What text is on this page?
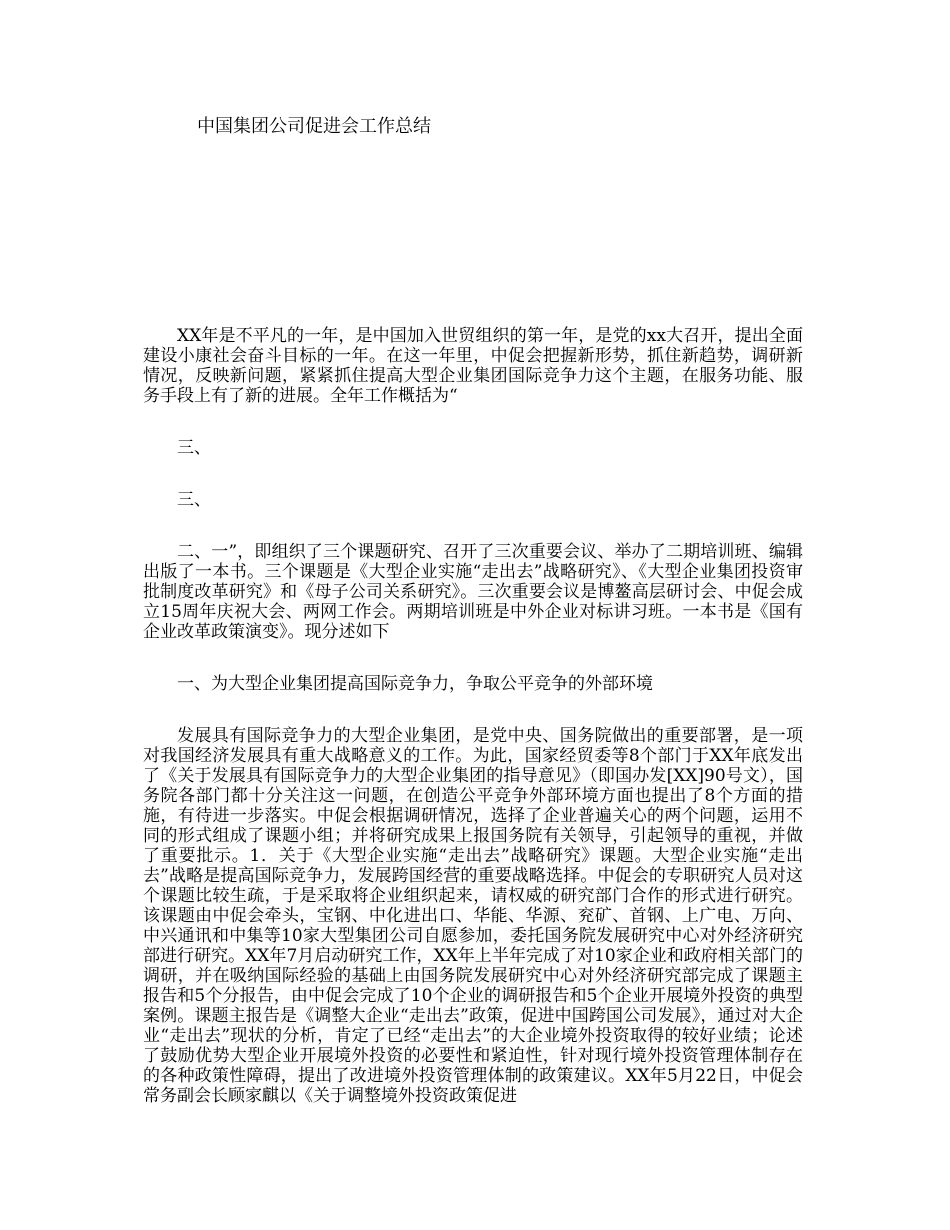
中国集团公司促进会工作总结

XX年是不平凡的一年，是中国加入世贸组织的第一年，是党的xx大召开，提出全面建设小康社会奋斗目标的一年。在这一年里，中促会把握新形势，抓住新趋势，调研新情况，反映新问题，紧紧抓住提高大型企业集团国际竞争力这个主题，在服务功能、服务手段上有了新的进展。全年工作概括为“

三、

三、

二、一”，即组织了三个课题研究、召开了三次重要会议、举办了二期培训班、编辑出版了一本书。三个课题是《大型企业实施“走出去”战略研究》、《大型企业集团投资审批制度改革研究》和《母子公司关系研究》。三次重要会议是博鳌高层研讨会、中促会成立15周年庆祝大会、两网工作会。两期培训班是中外企业对标讲习班。一本书是《国有企业改革政策演变》。现分述如下

一、为大型企业集团提高国际竞争力，争取公平竞争的外部环境

发展具有国际竞争力的大型企业集团，是党中央、国务院做出的重要部署，是一项对我国经济发展具有重大战略意义的工作。为此，国家经贸委等8个部门于XX年底发出了《关于发展具有国际竞争力的大型企业集团的指导意见》（即国办发[XX]90号文），国务院各部门都十分关注这一问题，在创造公平竞争外部环境方面也提出了8个方面的措施，有待进一步落实。中促会根据调研情况，选择了企业普遍关心的两个问题，运用不同的形式组成了课题小组；并将研究成果上报国务院有关领导，引起领导的重视，并做了重要批示。1．关于《大型企业实施“走出去”战略研究》课题。大型企业实施“走出去”战略是提高国际竞争力，发展跨国经营的重要战略选择。中促会的专职研究人员对这个课题比较生疏，于是采取将企业组织起来，请权威的研究部门合作的形式进行研究。该课题由中促会牵头，宝钢、中化进出口、华能、华源、兖矿、首钢、上广电、万向、中兴通讯和中集等10家大型集团公司自愿参加，委托国务院发展研究中心对外经济研究部进行研究。XX年7月启动研究工作，XX年上半年完成了对10家企业和政府相关部门的调研，并在吸纳国际经验的基础上由国务院发展研究中心对外经济研究部完成了课题主报告和5个分报告，由中促会完成了10个企业的调研报告和5个企业开展境外投资的典型案例。课题主报告是《调整大企业“走出去”政策，促进中国跨国公司发展》，通过对大企业“走出去”现状的分析，肯定了已经“走出去”的大企业境外投资取得的较好业绩；论述了鼓励优势大型企业开展境外投资的必要性和紧迫性，针对现行境外投资管理体制存在的各种政策性障碍，提出了改进境外投资管理体制的政策建议。XX年5月22日，中促会常务副会长顾家麒以《关于调整境外投资政策促进
